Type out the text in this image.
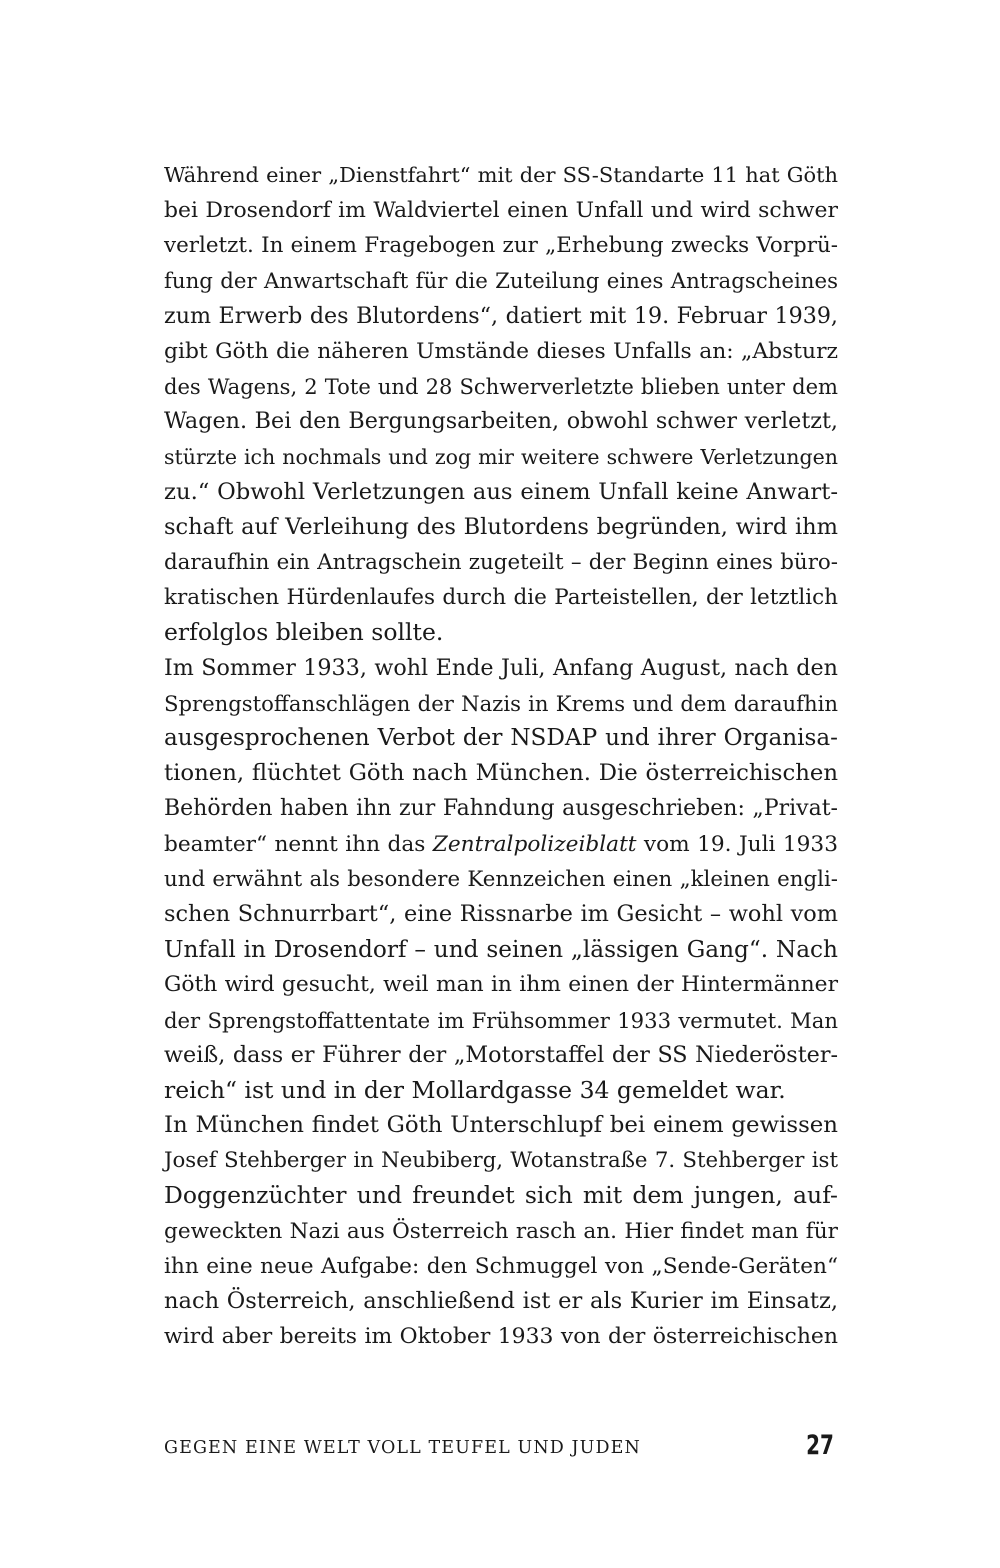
Während einer „Dienstfahrt“ mit der SS-Standarte 11 hat Göth
bei Drosendorf im Waldviertel einen Unfall und wird schwer
verletzt. In einem Fragebogen zur „Erhebung zwecks Vorprü-
fung der Anwartschaft für die Zuteilung eines Antragscheines
zum Erwerb des Blutordens“, datiert mit 19. Februar 1939,
gibt Göth die näheren Umstände dieses Unfalls an: „Absturz
des Wagens, 2 Tote und 28 Schwerverletzte blieben unter dem
Wagen. Bei den Bergungsarbeiten, obwohl schwer verletzt,
stürzte ich nochmals und zog mir weitere schwere Verletzungen
zu.“ Obwohl Verletzungen aus einem Unfall keine Anwart-
schaft auf Verleihung des Blutordens begründen, wird ihm
daraufhin ein Antragschein zugeteilt – der Beginn eines büro-
kratischen Hürdenlaufes durch die Parteistellen, der letztlich
erfolglos bleiben sollte.
Im Sommer 1933, wohl Ende Juli, Anfang August, nach den
Sprengstoffanschlägen der Nazis in Krems und dem daraufhin
ausgesprochenen Verbot der NSDAP und ihrer Organisa-
tionen, flüchtet Göth nach München. Die österreichischen
Behörden haben ihn zur Fahndung ausgeschrieben: „Privat-
beamter“ nennt ihn das Zentralpolizeiblatt vom 19. Juli 1933
und erwähnt als besondere Kennzeichen einen „kleinen engli-
schen Schnurrbart“, eine Rissnarbe im Gesicht – wohl vom
Unfall in Drosendorf – und seinen „lässigen Gang“. Nach
Göth wird gesucht, weil man in ihm einen der Hintermänner
der Sprengstoffattentate im Frühsommer 1933 vermutet. Man
weiß, dass er Führer der „Motorstaffel der SS Niederöster-
reich“ ist und in der Mollardgasse 34 gemeldet war.
In München findet Göth Unterschlupf bei einem gewissen
Josef Stehberger in Neubiberg, Wotanstraße 7. Stehberger ist
Doggenzüchter und freundet sich mit dem jungen, auf-
geweckten Nazi aus Österreich rasch an. Hier findet man für
ihn eine neue Aufgabe: den Schmuggel von „Sende-Geräten“
nach Österreich, anschließend ist er als Kurier im Einsatz,
wird aber bereits im Oktober 1933 von der österreichischen
GEGEN EINE WELT VOLL TEUFEL UND JUDEN	27
